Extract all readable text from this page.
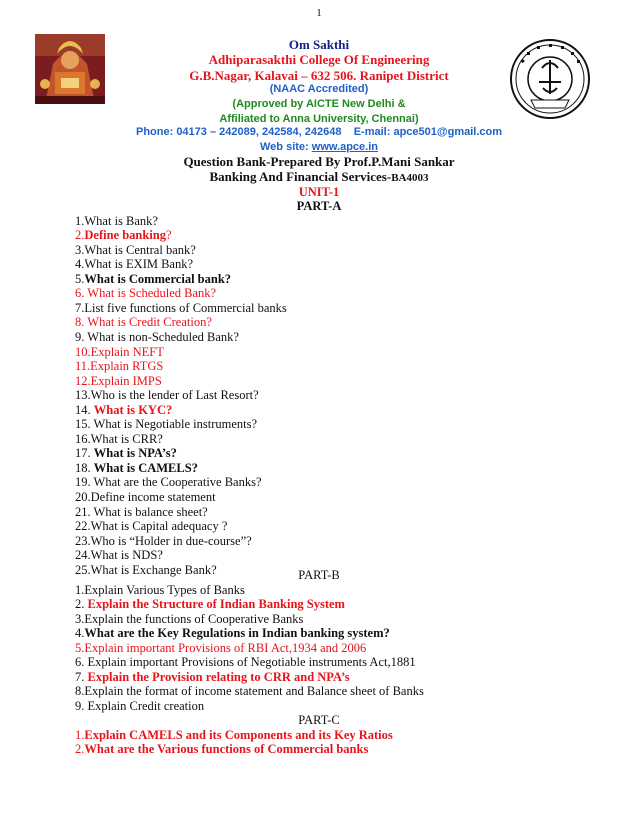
1
Om Sakthi
Adhiparasakthi College Of Engineering
G.B.Nagar, Kalavai – 632 506. Ranipet District
(NAAC Accredited)
(Approved by AICTE New Delhi &
Affiliated to Anna University, Chennai)
Phone: 04173 – 242089, 242584, 242648 E-mail: apce501@gmail.com
Web site: www.apce.in
Question Bank-Prepared By Prof.P.Mani Sankar
Banking And Financial Services-BA4003
UNIT-1
PART-A
1.What is Bank?
2.Define banking?
3.What is Central bank?
4.What is EXIM Bank?
5.What is Commercial bank?
6. What is Scheduled Bank?
7.List five functions of Commercial banks
8. What is Credit Creation?
9. What is non-Scheduled Bank?
10.Explain NEFT
11.Explain RTGS
12.Explain IMPS
13.Who is the lender of Last Resort?
14. What is KYC?
15. What is Negotiable instruments?
16.What is CRR?
17. What is NPA’s?
18. What is CAMELS?
19. What are the Cooperative Banks?
20.Define income statement
21. What is balance sheet?
22.What is Capital adequacy ?
23.Who is “Holder in due-course”?
24.What is NDS?
25.What is Exchange Bank?	PART-B
1.Explain Various Types of Banks
2. Explain the Structure of Indian Banking System
3.Explain the functions of Cooperative Banks
4.What are the Key Regulations in Indian banking system?
5.Explain important Provisions of RBI Act,1934 and 2006
6. Explain important Provisions of Negotiable instruments Act,1881
7. Explain the Provision relating to CRR and NPA’s
8.Explain the format of income statement and Balance sheet of Banks
9. Explain Credit creation
PART-C
1.Explain CAMELS and its Components and its Key Ratios
2.What are the Various functions of Commercial banks
